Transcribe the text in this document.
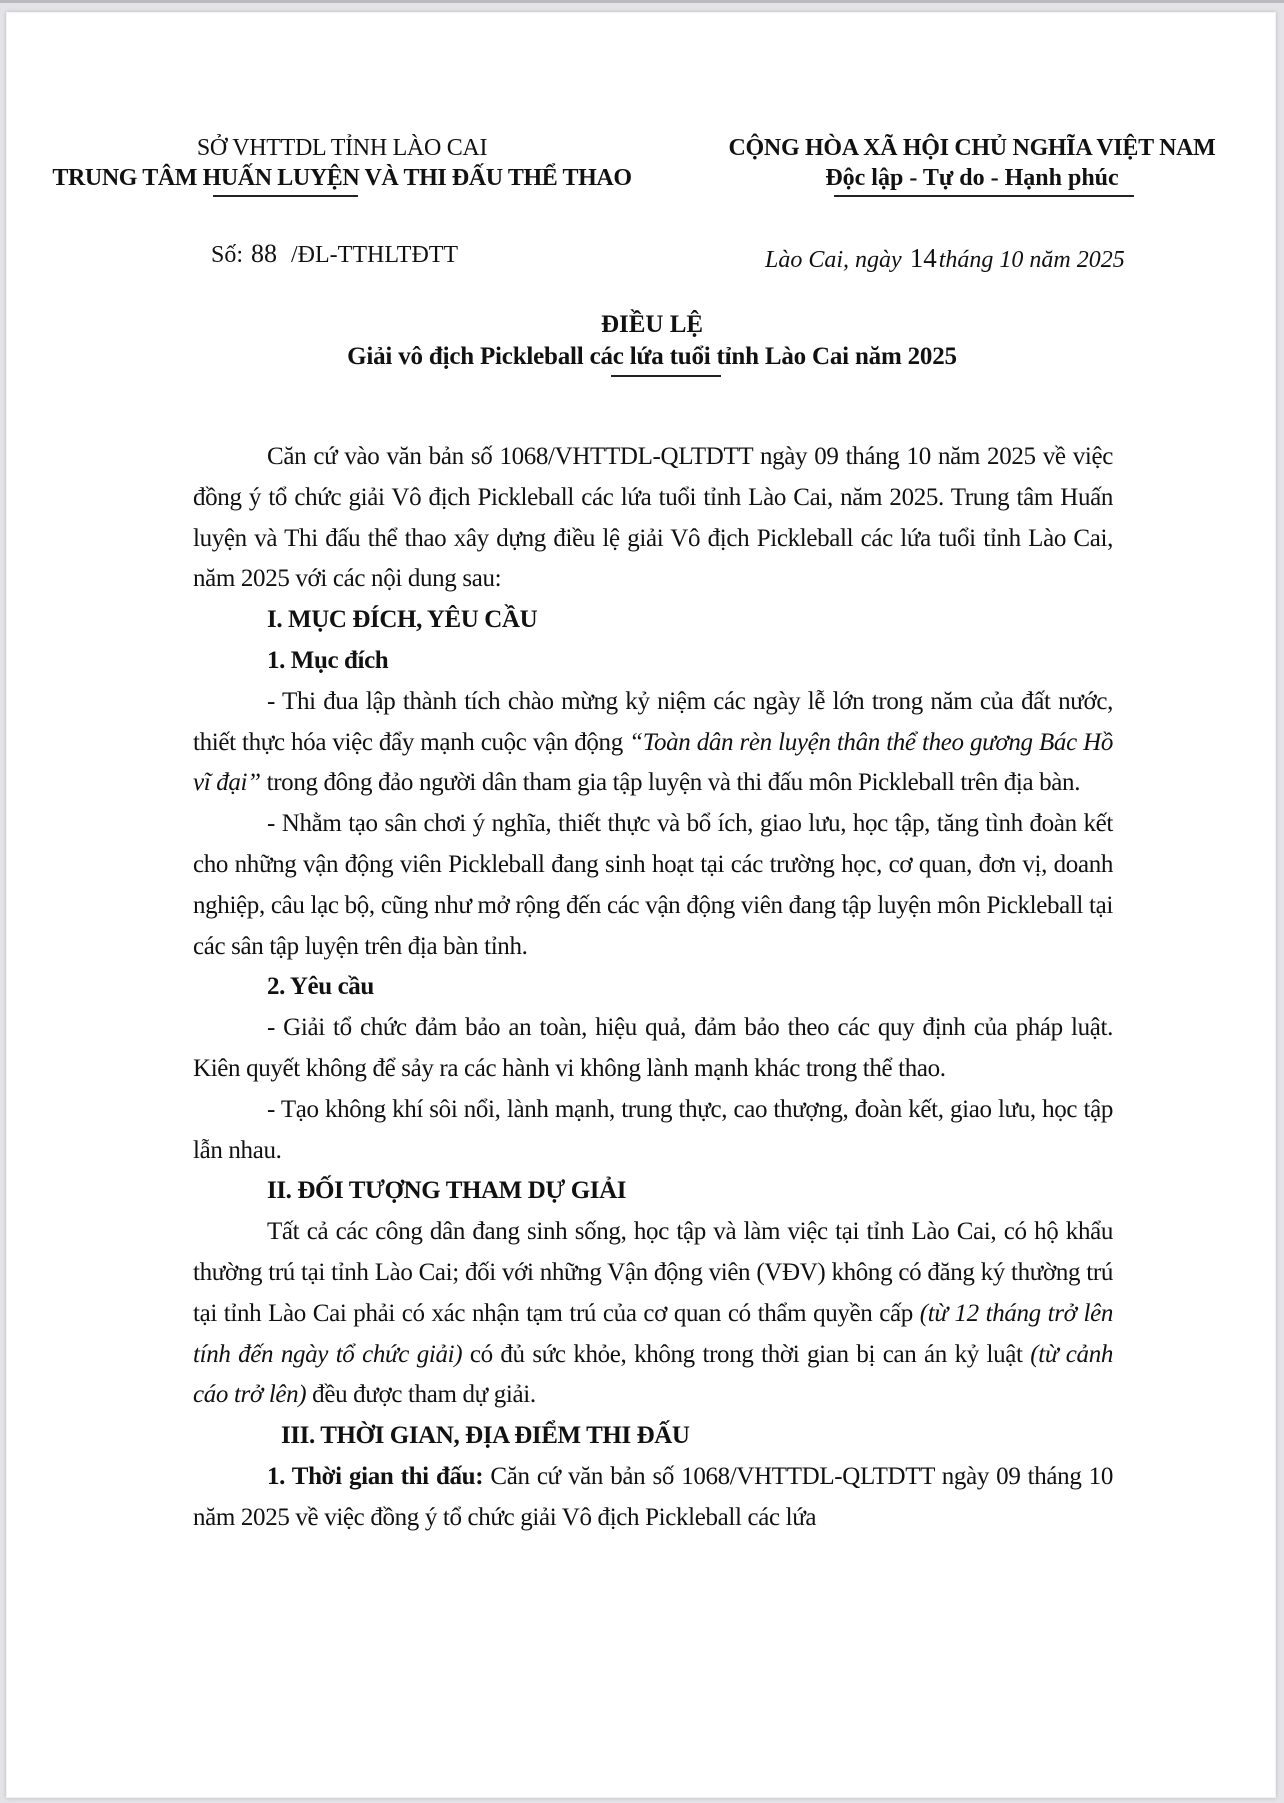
SỞ VHTTDL TỈNH LÀO CAI
TRUNG TÂM HUẤN LUYỆN VÀ THI ĐẤU THỂ THAO
CỘNG HÒA XÃ HỘI CHỦ NGHĨA VIỆT NAM
Độc lập - Tự do - Hạnh phúc
Số: 88 /ĐL-TTHLTĐTT	Lào Cai, ngày 14tháng 10 năm 2025
ĐIỀU LỆ
Giải vô địch Pickleball các lứa tuổi tỉnh Lào Cai năm 2025
Căn cứ vào văn bản số 1068/VHTTDL-QLTDTT ngày 09 tháng 10 năm 2025 về việc đồng ý tổ chức giải Vô địch Pickleball các lứa tuổi tỉnh Lào Cai, năm 2025. Trung tâm Huấn luyện và Thi đấu thể thao xây dựng điều lệ giải Vô địch Pickleball các lứa tuổi tỉnh Lào Cai, năm 2025 với các nội dung sau:
I. MỤC ĐÍCH, YÊU CẦU
1. Mục đích
- Thi đua lập thành tích chào mừng kỷ niệm các ngày lễ lớn trong năm của đất nước, thiết thực hóa việc đẩy mạnh cuộc vận động “Toàn dân rèn luyện thân thể theo gương Bác Hồ vĩ đại” trong đông đảo người dân tham gia tập luyện và thi đấu môn Pickleball trên địa bàn.
- Nhằm tạo sân chơi ý nghĩa, thiết thực và bổ ích, giao lưu, học tập, tăng tình đoàn kết cho những vận động viên Pickleball đang sinh hoạt tại các trường học, cơ quan, đơn vị, doanh nghiệp, câu lạc bộ, cũng như mở rộng đến các vận động viên đang tập luyện môn Pickleball tại các sân tập luyện trên địa bàn tỉnh.
2. Yêu cầu
- Giải tổ chức đảm bảo an toàn, hiệu quả, đảm bảo theo các quy định của pháp luật. Kiên quyết không để sảy ra các hành vi không lành mạnh khác trong thể thao.
- Tạo không khí sôi nổi, lành mạnh, trung thực, cao thượng, đoàn kết, giao lưu, học tập lẫn nhau.
II. ĐỐI TƯỢNG THAM DỰ GIẢI
Tất cả các công dân đang sinh sống, học tập và làm việc tại tỉnh Lào Cai, có hộ khẩu thường trú tại tỉnh Lào Cai; đối với những Vận động viên (VĐV) không có đăng ký thường trú tại tỉnh Lào Cai phải có xác nhận tạm trú của cơ quan có thẩm quyền cấp (từ 12 tháng trở lên tính đến ngày tổ chức giải) có đủ sức khỏe, không trong thời gian bị can án kỷ luật (từ cảnh cáo trở lên) đều được tham dự giải.
III. THỜI GIAN, ĐỊA ĐIỂM THI ĐẤU
1. Thời gian thi đấu: Căn cứ văn bản số 1068/VHTTDL-QLTDTT ngày 09 tháng 10 năm 2025 về việc đồng ý tổ chức giải Vô địch Pickleball các lứa
